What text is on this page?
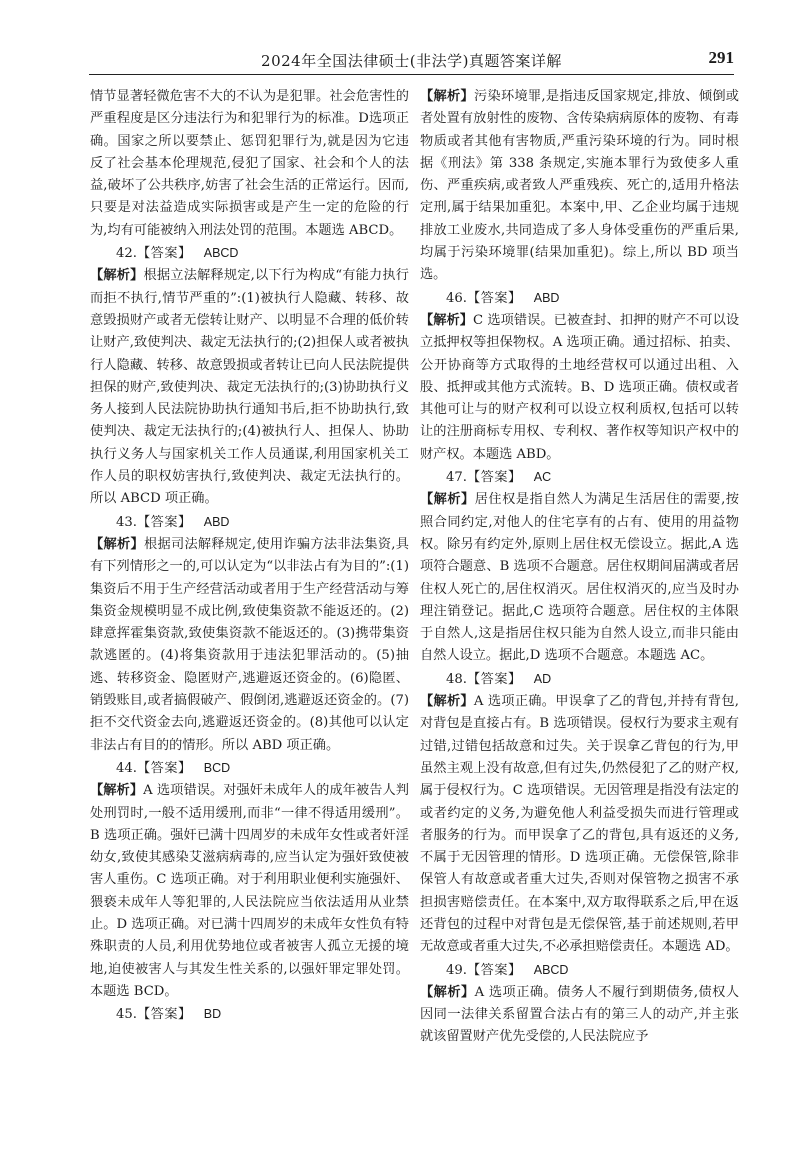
2024年全国法律硕士(非法学)真题答案详解	291

情节显著轻微危害不大的不认为是犯罪。社会危害性的严重程度是区分违法行为和犯罪行为的标准。D选项正确。国家之所以要禁止、惩罚犯罪行为,就是因为它违反了社会基本伦理规范,侵犯了国家、社会和个人的法益,破坏了公共秩序,妨害了社会生活的正常运行。因而,只要是对法益造成实际损害或是产生一定的危险的行为,均有可能被纳入刑法处罚的范围。本题选 ABCD。

42.【答案】 ABCD

【解析】根据立法解释规定,以下行为构成“有能力执行而拒不执行,情节严重的”:(1)被执行人隐藏、转移、故意毁损财产或者无偿转让财产、以明显不合理的低价转让财产,致使判决、裁定无法执行的;(2)担保人或者被执行人隐藏、转移、故意毁损或者转让已向人民法院提供担保的财产,致使判决、裁定无法执行的;(3)协助执行义务人接到人民法院协助执行通知书后,拒不协助执行,致使判决、裁定无法执行的;(4)被执行人、担保人、协助执行义务人与国家机关工作人员通谋,利用国家机关工作人员的职权妨害执行,致使判决、裁定无法执行的。所以 ABCD 项正确。

43.【答案】 ABD

【解析】根据司法解释规定,使用诈骗方法非法集资,具有下列情形之一的,可以认定为“以非法占有为目的”:(1)集资后不用于生产经营活动或者用于生产经营活动与筹集资金规模明显不成比例,致使集资款不能返还的。(2)肆意挥霍集资款,致使集资款不能返还的。(3)携带集资款逃匿的。(4)将集资款用于违法犯罪活动的。(5)抽逃、转移资金、隐匿财产,逃避返还资金的。(6)隐匿、销毁账目,或者搞假破产、假倒闭,逃避返还资金的。(7)拒不交代资金去向,逃避返还资金的。(8)其他可以认定非法占有目的的情形。所以 ABD 项正确。

44.【答案】 BCD

【解析】A 选项错误。对强奸未成年人的成年被告人判处刑罚时,一般不适用缓刑,而非“一律不得适用缓刑”。B 选项正确。强奸已满十四周岁的未成年女性或者奸淫幼女,致使其感染艾滋病病毒的,应当认定为强奸致使被害人重伤。C 选项正确。对于利用职业便利实施强奸、猥亵未成年人等犯罪的,人民法院应当依法适用从业禁止。D 选项正确。对已满十四周岁的未成年女性负有特殊职责的人员,利用优势地位或者被害人孤立无援的境地,迫使被害人与其发生性关系的,以强奸罪定罪处罚。本题选 BCD。

45.【答案】 BD

【解析】污染环境罪,是指违反国家规定,排放、倾倒或者处置有放射性的废物、含传染病病原体的废物、有毒物质或者其他有害物质,严重污染环境的行为。同时根据《刑法》第 338 条规定,实施本罪行为致使多人重伤、严重疾病,或者致人严重残疾、死亡的,适用升格法定刑,属于结果加重犯。本案中,甲、乙企业均属于违规排放工业废水,共同造成了多人身体受重伤的严重后果,均属于污染环境罪(结果加重犯)。综上,所以 BD 项当选。

46.【答案】 ABD

【解析】C 选项错误。已被查封、扣押的财产不可以设立抵押权等担保物权。A 选项正确。通过招标、拍卖、公开协商等方式取得的土地经营权可以通过出租、入股、抵押或其他方式流转。B、D 选项正确。债权或者其他可让与的财产权利可以设立权利质权,包括可以转让的注册商标专用权、专利权、著作权等知识产权中的财产权。本题选 ABD。

47.【答案】 AC

【解析】居住权是指自然人为满足生活居住的需要,按照合同约定,对他人的住宅享有的占有、使用的用益物权。除另有约定外,原则上居住权无偿设立。据此,A 选项符合题意、B 选项不合题意。居住权期间届满或者居住权人死亡的,居住权消灭。居住权消灭的,应当及时办理注销登记。据此,C 选项符合题意。居住权的主体限于自然人,这是指居住权只能为自然人设立,而非只能由自然人设立。据此,D 选项不合题意。本题选 AC。

48.【答案】 AD

【解析】A 选项正确。甲误拿了乙的背包,并持有背包,对背包是直接占有。B 选项错误。侵权行为要求主观有过错,过错包括故意和过失。关于误拿乙背包的行为,甲虽然主观上没有故意,但有过失,仍然侵犯了乙的财产权,属于侵权行为。C 选项错误。无因管理是指没有法定的或者约定的义务,为避免他人利益受损失而进行管理或者服务的行为。而甲误拿了乙的背包,具有返还的义务,不属于无因管理的情形。D 选项正确。无偿保管,除非保管人有故意或者重大过失,否则对保管物之损害不承担损害赔偿责任。在本案中,双方取得联系之后,甲在返还背包的过程中对背包是无偿保管,基于前述规则,若甲无故意或者重大过失,不必承担赔偿责任。本题选 AD。

49.【答案】 ABCD

【解析】A 选项正确。债务人不履行到期债务,债权人因同一法律关系留置合法占有的第三人的动产,并主张就该留置财产优先受偿的,人民法院应予
